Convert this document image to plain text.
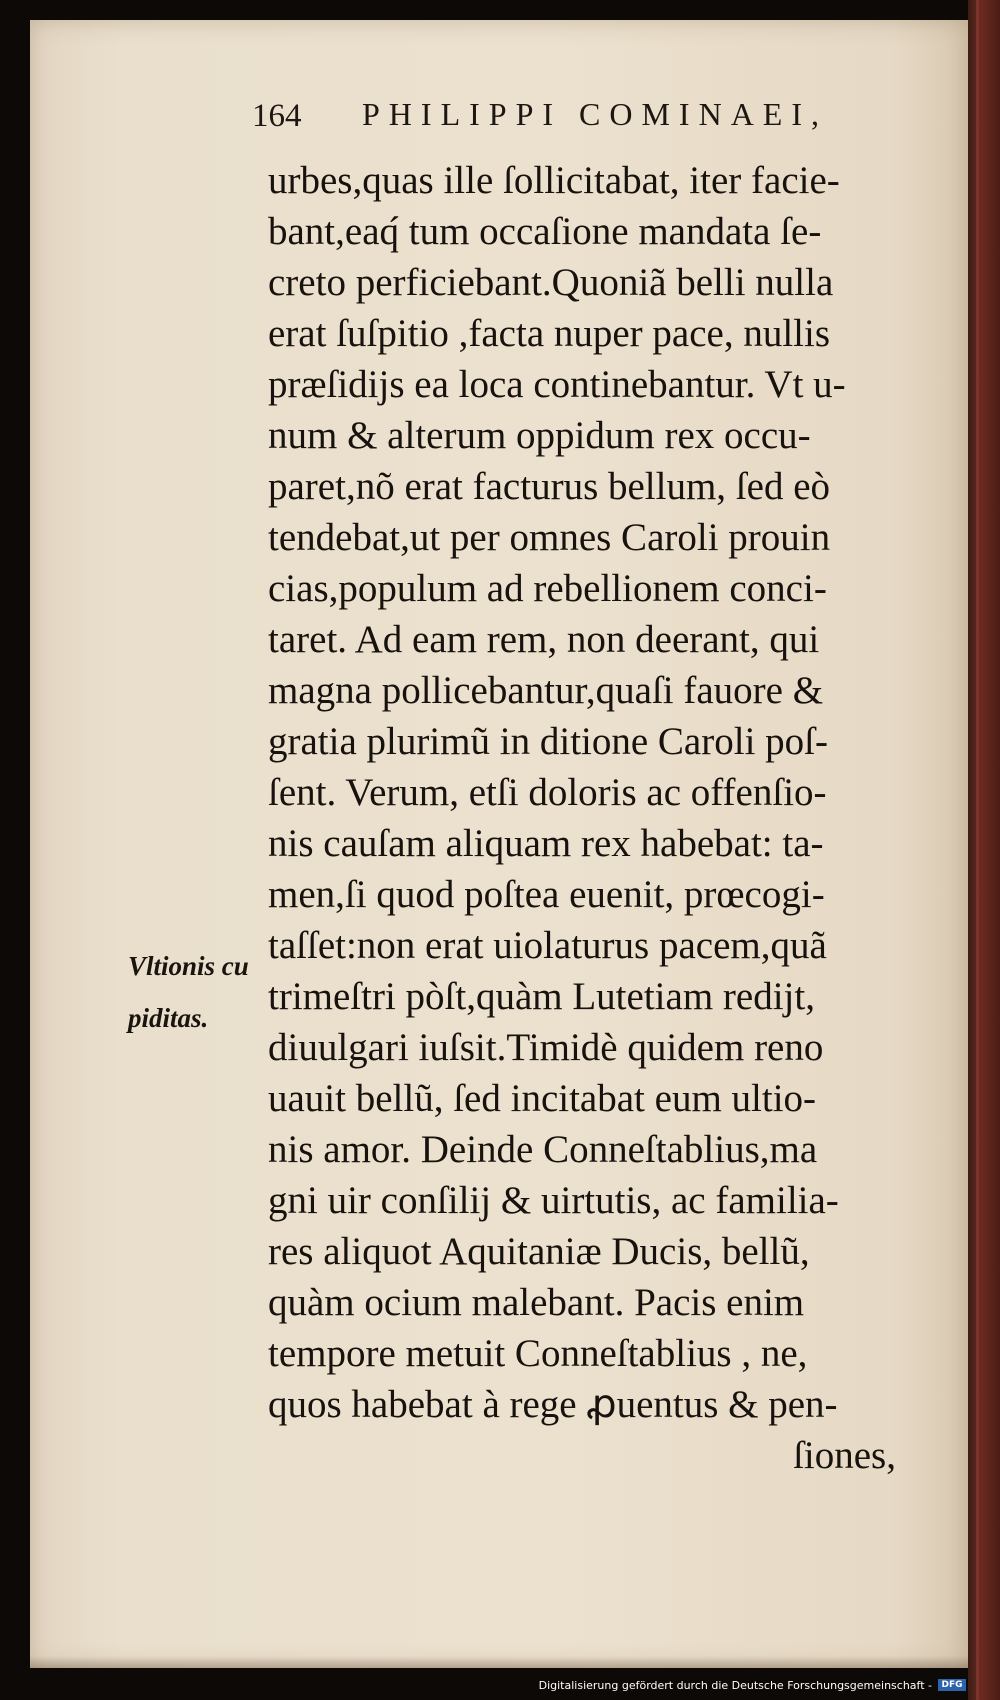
164 PHILIPPI COMINAEI,
Vltionis cu
piditas.
urbes,quas ille ſollicitabat, iter facie-
bant,eaq́ tum occaſione mandata ſe-
creto perficiebant.Quoniã belli nulla
erat ſuſpitio ,facta nuper pace, nullis
præſidijs ea loca continebantur. Vt u-
num & alterum oppidum rex occu-
paret,nõ erat facturus bellum, ſed eò
tendebat,ut per omnes Caroli prouin
cias,populum ad rebellionem conci-
taret. Ad eam rem, non deerant, qui
magna pollicebantur,quaſi fauore &
gratia plurimũ in ditione Caroli poſ-
ſent. Verum, etſi doloris ac offenſio-
nis cauſam aliquam rex habebat: ta-
men,ſi quod poſtea euenit, prœcogi-
taſſet:non erat uiolaturus pacem,quã
trimeſtri pòſt,quàm Lutetiam redijt,
diuulgari iuſsit.Timidè quidem reno
uauit bellũ, ſed incitabat eum ultio-
nis amor. Deinde Conneſtablius,ma
gni uir conſilij & uirtutis, ac familia-
res aliquot Aquitaniæ Ducis, bellũ,
quàm ocium malebant. Pacis enim
tempore metuit Conneſtablius , ne,
quos habebat à rege ꝓuentus & pen-
ſiones,
Digitalisierung gefördert durch die Deutsche Forschungsgemeinschaft -	DFG
